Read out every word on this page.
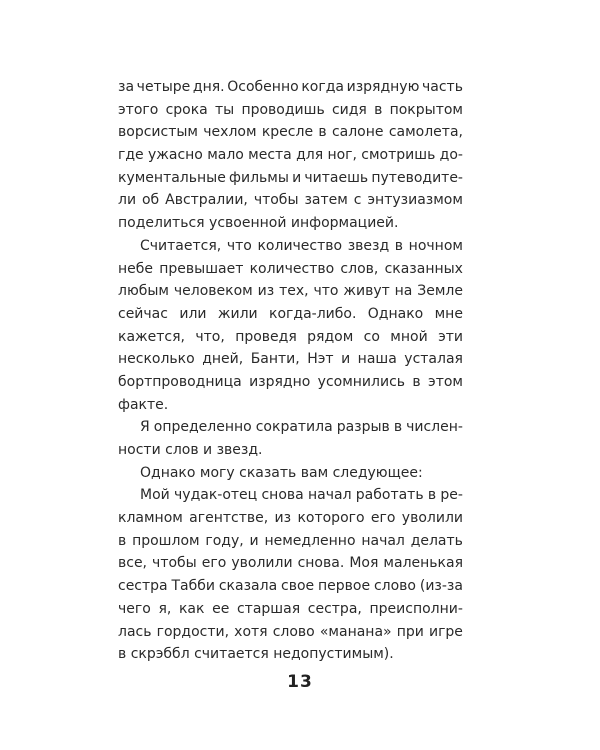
за четыре дня. Особенно когда изрядную часть
этого срока ты проводишь сидя в покрытом
ворсистым чехлом кресле в салоне самолета,
где ужасно мало места для ног, смотришь до-
кументальные фильмы и читаешь путеводите-
ли об Австралии, чтобы затем с энтузиазмом
поделиться усвоенной информацией.
Считается, что количество звезд в ночном
небе превышает количество слов, сказанных
любым человеком из тех, что живут на Земле
сейчас или жили когда-либо. Однако мне
кажется, что, проведя рядом со мной эти
несколько дней, Банти, Нэт и наша усталая
бортпроводница изрядно усомнились в этом
факте.
Я определенно сократила разрыв в числен-
ности слов и звезд.
Однако могу сказать вам следующее:
Мой чудак-отец снова начал работать в ре-
кламном агентстве, из которого его уволили
в прошлом году, и немедленно начал делать
все, чтобы его уволили снова. Моя маленькая
сестра Табби сказала свое первое слово (из-за
чего я, как ее старшая сестра, преисполни-
лась гордости, хотя слово «манана» при игре
в скрэббл считается недопустимым).
13
